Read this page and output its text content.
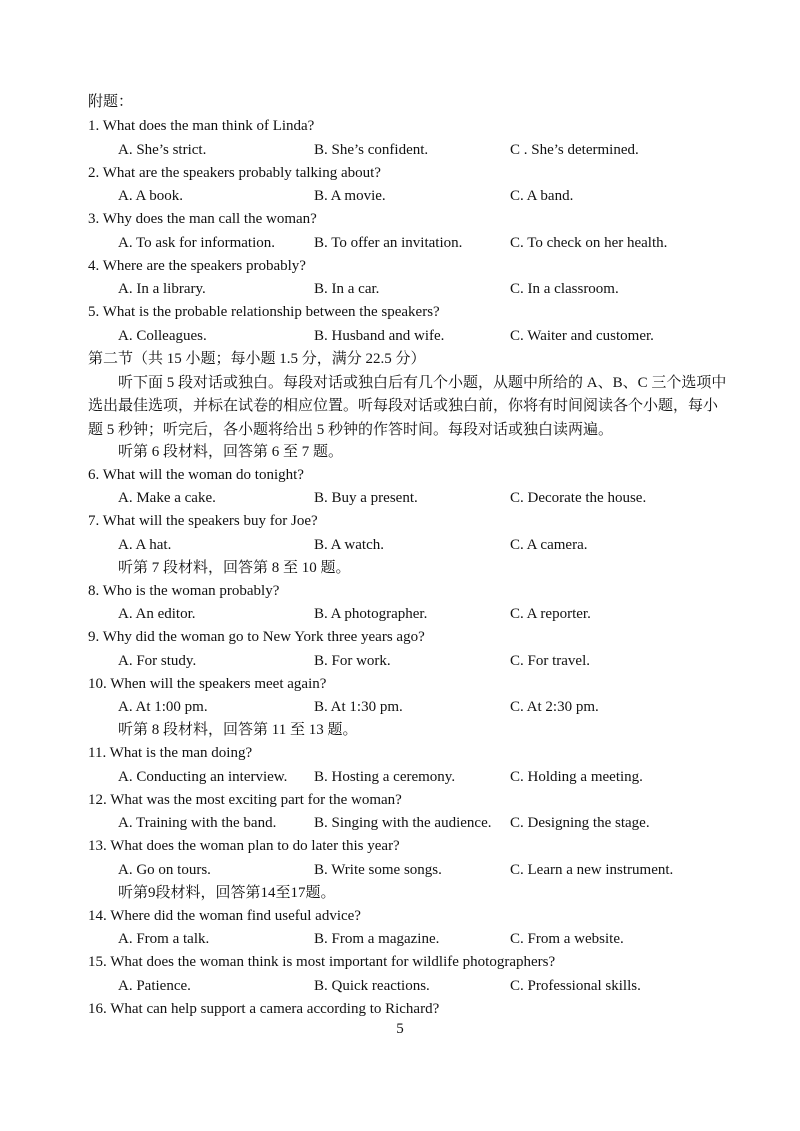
附题：
1. What does the man think of Linda?
A. She’s strict.	B. She’s confident.	C . She’s determined.
2. What are the speakers probably talking about?
A. A book.	B. A movie.	C. A band.
3. Why does the man call the woman?
A. To ask for information.	B. To offer an invitation.	C. To check on her health.
4. Where are the speakers probably?
A. In a library.	B. In a car.	C. In a classroom.
5. What is the probable relationship between the speakers?
A. Colleagues.	B. Husband and wife.	C. Waiter and customer.
第二节（共 15 小题；每小题 1.5 分，满分 22.5 分）
听下面 5 段对话或独白。每段对话或独白后有几个小题，从题中所给的 A、B、C 三个选项中选出最佳选项，并标在试卷的相应位置。听每段对话或独白前，你将有时间阅读各个小题，每小题 5 秒钟；听完后，各小题将给出 5 秒钟的作答时间。每段对话或独白读两遍。
听第 6 段材料，回答第 6 至 7 题。
6. What will the woman do tonight?
A. Make a cake.	B. Buy a present.	C. Decorate the house.
7. What will the speakers buy for Joe?
A. A hat.	B. A watch.	C. A camera.
听第 7 段材料，回答第 8 至 10 题。
8. Who is the woman probably?
A. An editor.	B. A photographer.	C. A reporter.
9. Why did the woman go to New York three years ago?
A. For study.	B. For work.	C. For travel.
10. When will the speakers meet again?
A. At 1:00 pm.	B. At 1:30 pm.	C. At 2:30 pm.
听第 8 段材料，回答第 11 至 13 题。
11. What is the man doing?
A. Conducting an interview. B. Hosting a ceremony.	C. Holding a meeting.
12. What was the most exciting part for the woman?
A. Training with the band.	B. Singing with the audience. C. Designing the stage.
13. What does the woman plan to do later this year?
A. Go on tours.	B. Write some songs.	C. Learn a new instrument.
听第9段材料，回答第14至17题。
14. Where did the woman find useful advice?
A. From a talk.	B. From a magazine.	C. From a website.
15. What does the woman think is most important for wildlife photographers?
A. Patience.	B. Quick reactions.	C. Professional skills.
16. What can help support a camera according to Richard?
5
